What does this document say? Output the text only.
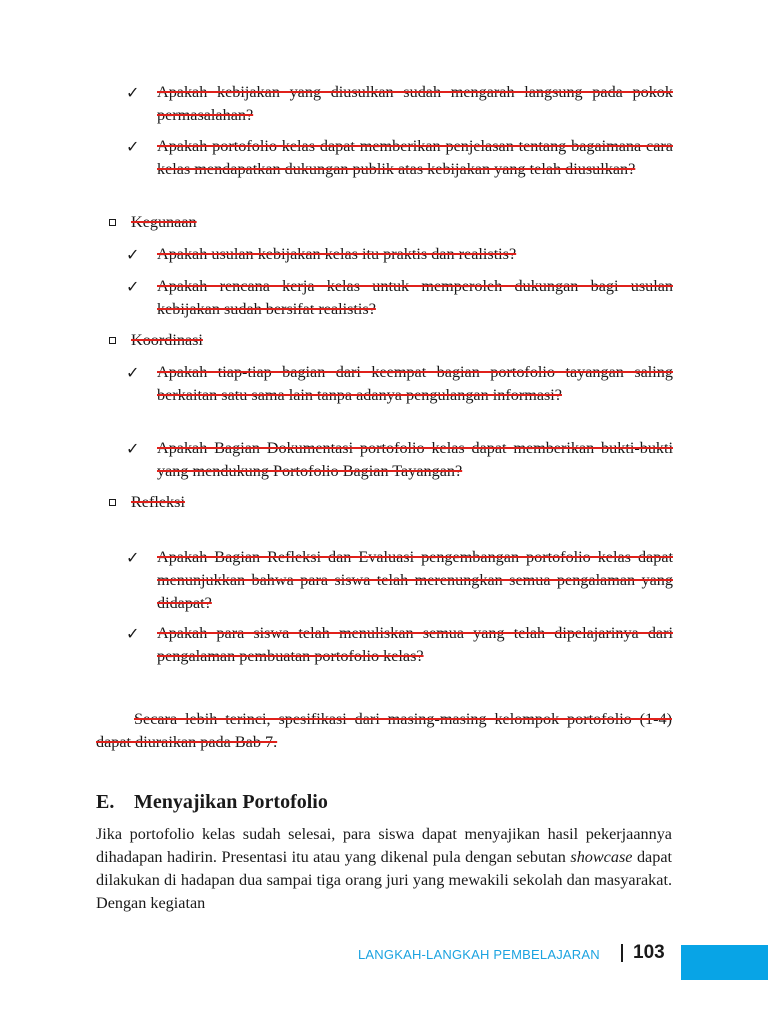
✓ Apakah kebijakan yang diusulkan sudah mengarah langsung pada pokok permasalahan?
✓ Apakah portofolio kelas dapat memberikan penjelasan tentang bagaimana cara kelas mendapatkan dukungan publik atas kebijakan yang telah diusulkan?
Kegunaan
✓ Apakah usulan kebijakan kelas itu praktis dan realistis?
✓ Apakah rencana kerja kelas untuk memperoleh dukungan bagi usulan kebijakan sudah bersifat realistis?
Koordinasi
✓ Apakah tiap-tiap bagian dari keempat bagian portofolio tayangan saling berkaitan satu sama lain tanpa adanya pengulangan informasi?
✓ Apakah Bagian Dokumentasi portofolio kelas dapat memberikan bukti-bukti yang mendukung Portofolio Bagian Tayangan?
Refleksi
✓ Apakah Bagian Refleksi dan Evaluasi pengembangan portofolio kelas dapat menunjukkan bahwa para siswa telah merenungkan semua pengalaman yang didapat?
✓ Apakah para siswa telah menuliskan semua yang telah dipelajarinya dari pengalaman pembuatan portofolio kelas?
Secara lebih terinci, spesifikasi dari masing-masing kelompok portofolio (1-4) dapat diuraikan pada Bab 7.
E. Menyajikan Portofolio
Jika portofolio kelas sudah selesai, para siswa dapat menyajikan hasil pekerjaannya dihadapan hadirin. Presentasi itu atau yang dikenal pula dengan sebutan showcase dapat dilakukan di hadapan dua sampai tiga orang juri yang mewakili sekolah dan masyarakat. Dengan kegiatan
LANGKAH-LANGKAH PEMBELAJARAN 103
